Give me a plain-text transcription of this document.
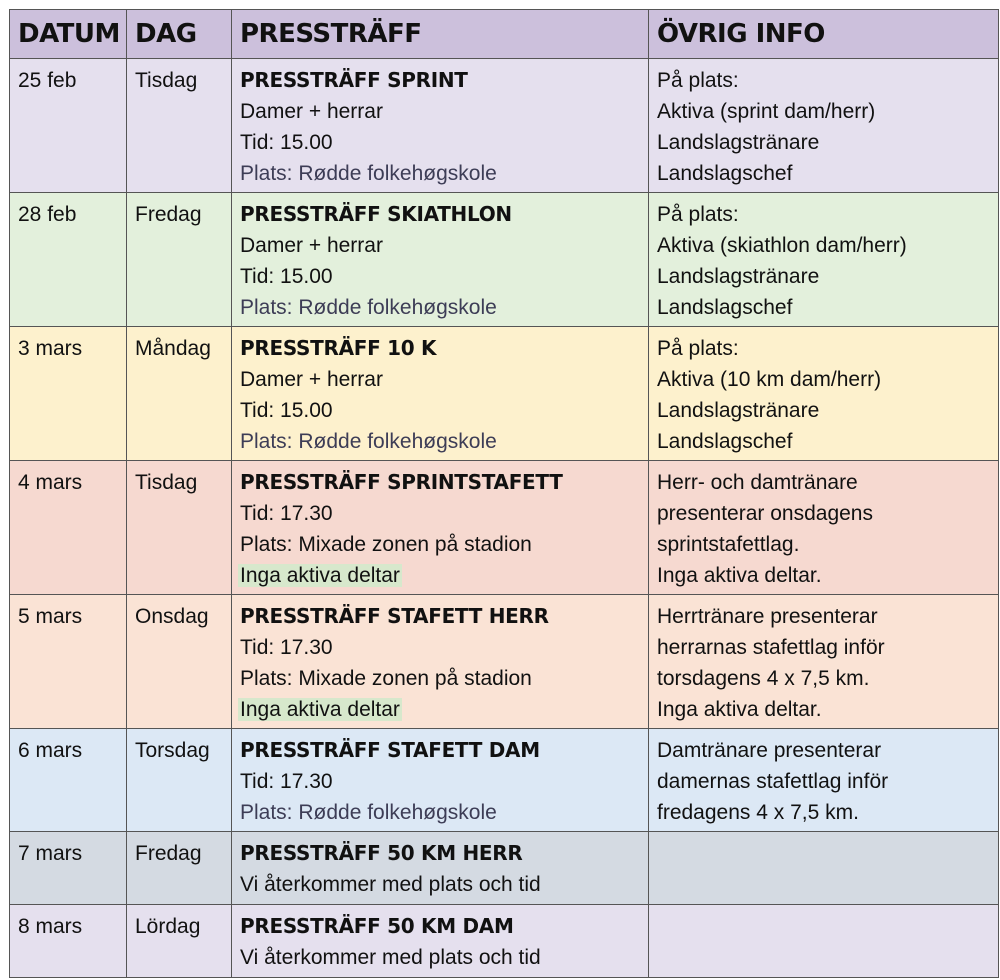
DATUM	DAG	PRESSTRÄFF	ÖVRIG INFO
25 feb	Tisdag	PRESSTRÄFF SPRINT
Damer + herrar
Tid: 15.00
Plats: Rødde folkehøgskole	På plats:
Aktiva (sprint dam/herr)
Landslagstränare
Landslagschef

28 feb	Fredag	PRESSTRÄFF SKIATHLON
Damer + herrar
Tid: 15.00
Plats: Rødde folkehøgskole	På plats:
Aktiva (skiathlon dam/herr)
Landslagstränare
Landslagschef

3 mars	Måndag	PRESSTRÄFF 10 K
Damer + herrar
Tid: 15.00
Plats: Rødde folkehøgskole	På plats:
Aktiva (10 km dam/herr)
Landslagstränare
Landslagschef

4 mars	Tisdag	PRESSTRÄFF SPRINTSTAFETT
Tid: 17.30
Plats: Mixade zonen på stadion
Inga aktiva deltar	Herr- och damtränare
presenterar onsdagens
sprintstafettlag.
Inga aktiva deltar.

5 mars	Onsdag	PRESSTRÄFF STAFETT HERR
Tid: 17.30
Plats: Mixade zonen på stadion
Inga aktiva deltar	Herrtränare presenterar
herrarnas stafettlag inför
torsdagens 4 x 7,5 km.
Inga aktiva deltar.

6 mars	Torsdag	PRESSTRÄFF STAFETT DAM
Tid: 17.30
Plats: Rødde folkehøgskole	Damtränare presenterar
damernas stafettlag inför
fredagens 4 x 7,5 km.

7 mars	Fredag	PRESSTRÄFF 50 KM HERR
Vi återkommer med plats och tid	

8 mars	Lördag	PRESSTRÄFF 50 KM DAM
Vi återkommer med plats och tid	
